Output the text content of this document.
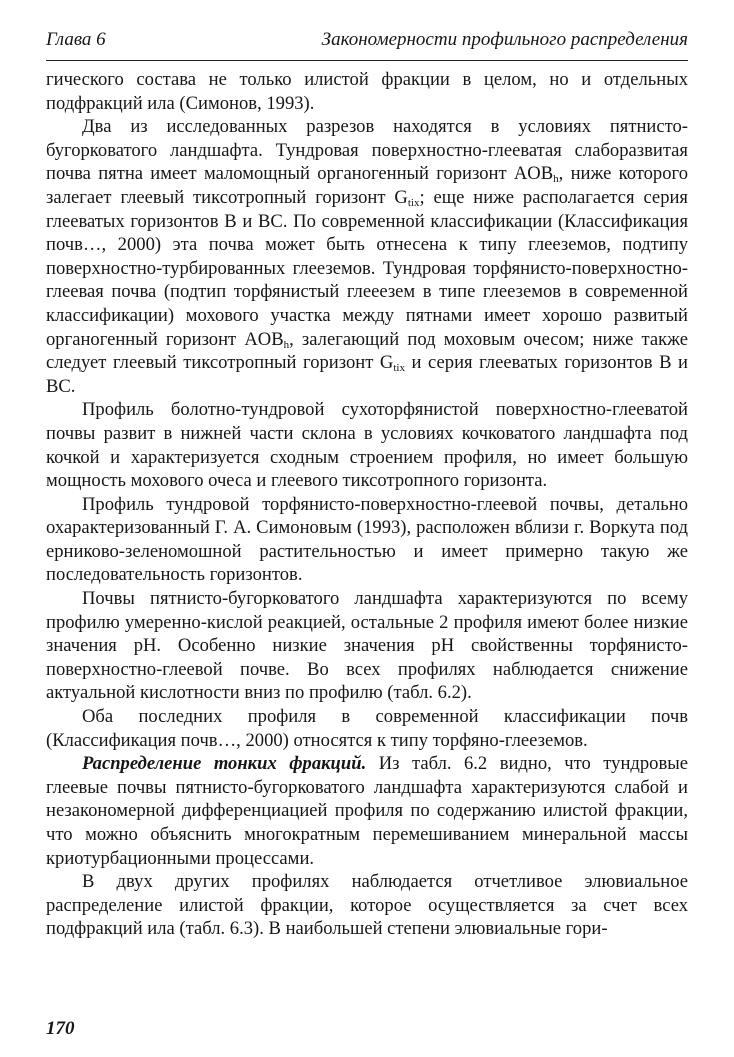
Глава 6	Закономерности профильного распределения

гического состава не только илистой фракции в целом, но и отдельных подфракций ила (Симонов, 1993).

Два из исследованных разрезов находятся в условиях пятнисто-бугорковатого ландшафта. Тундровая поверхностно-глееватая слаборазвитая почва пятна имеет маломощный органогенный горизонт $AOB_h$, ниже которого залегает глеевый тиксотропный горизонт $G_{tix}$; еще ниже располагается серия глееватых горизонтов B и BC. По современной классификации (Классификация почв…, 2000) эта почва может быть отнесена к типу глееземов, подтипу поверхностно-турбированных глееземов. Тундровая торфянисто-поверхностно-глеевая почва (подтип торфянистый глееезем в типе глееземов в современной классификации) мохового участка между пятнами имеет хорошо развитый органогенный горизонт $AOB_h$, залегающий под моховым очесом; ниже также следует глеевый тиксотропный горизонт $G_{tix}$ и серия глееватых горизонтов B и BC.

Профиль болотно-тундровой сухоторфянистой поверхностно-глееватой почвы развит в нижней части склона в условиях кочковатого ландшафта под кочкой и характеризуется сходным строением профиля, но имеет большую мощность мохового очеса и глеевого тиксотропного горизонта.

Профиль тундровой торфянисто-поверхностно-глеевой почвы, детально охарактеризованный Г. А. Симоновым (1993), расположен вблизи г. Воркута под ерниково-зеленомошной растительностью и имеет примерно такую же последовательность горизонтов.

Почвы пятнисто-бугорковатого ландшафта характеризуются по всему профилю умеренно-кислой реакцией, остальные 2 профиля имеют более низкие значения pH. Особенно низкие значения pH свойственны торфянисто-поверхностно-глеевой почве. Во всех профилях наблюдается снижение актуальной кислотности вниз по профилю (табл. 6.2).

Оба последних профиля в современной классификации почв (Классификация почв…, 2000) относятся к типу торфяно-глееземов.

Распределение тонких фракций. Из табл. 6.2 видно, что тундровые глеевые почвы пятнисто-бугорковатого ландшафта характеризуются слабой и незакономерной дифференциацией профиля по содержанию илистой фракции, что можно объяснить многократным перемешиванием минеральной массы криотурбационными процессами.

В двух других профилях наблюдается отчетливое элювиальное распределение илистой фракции, которое осуществляется за счет всех подфракций ила (табл. 6.3). В наибольшей степени элювиальные гори-

170
